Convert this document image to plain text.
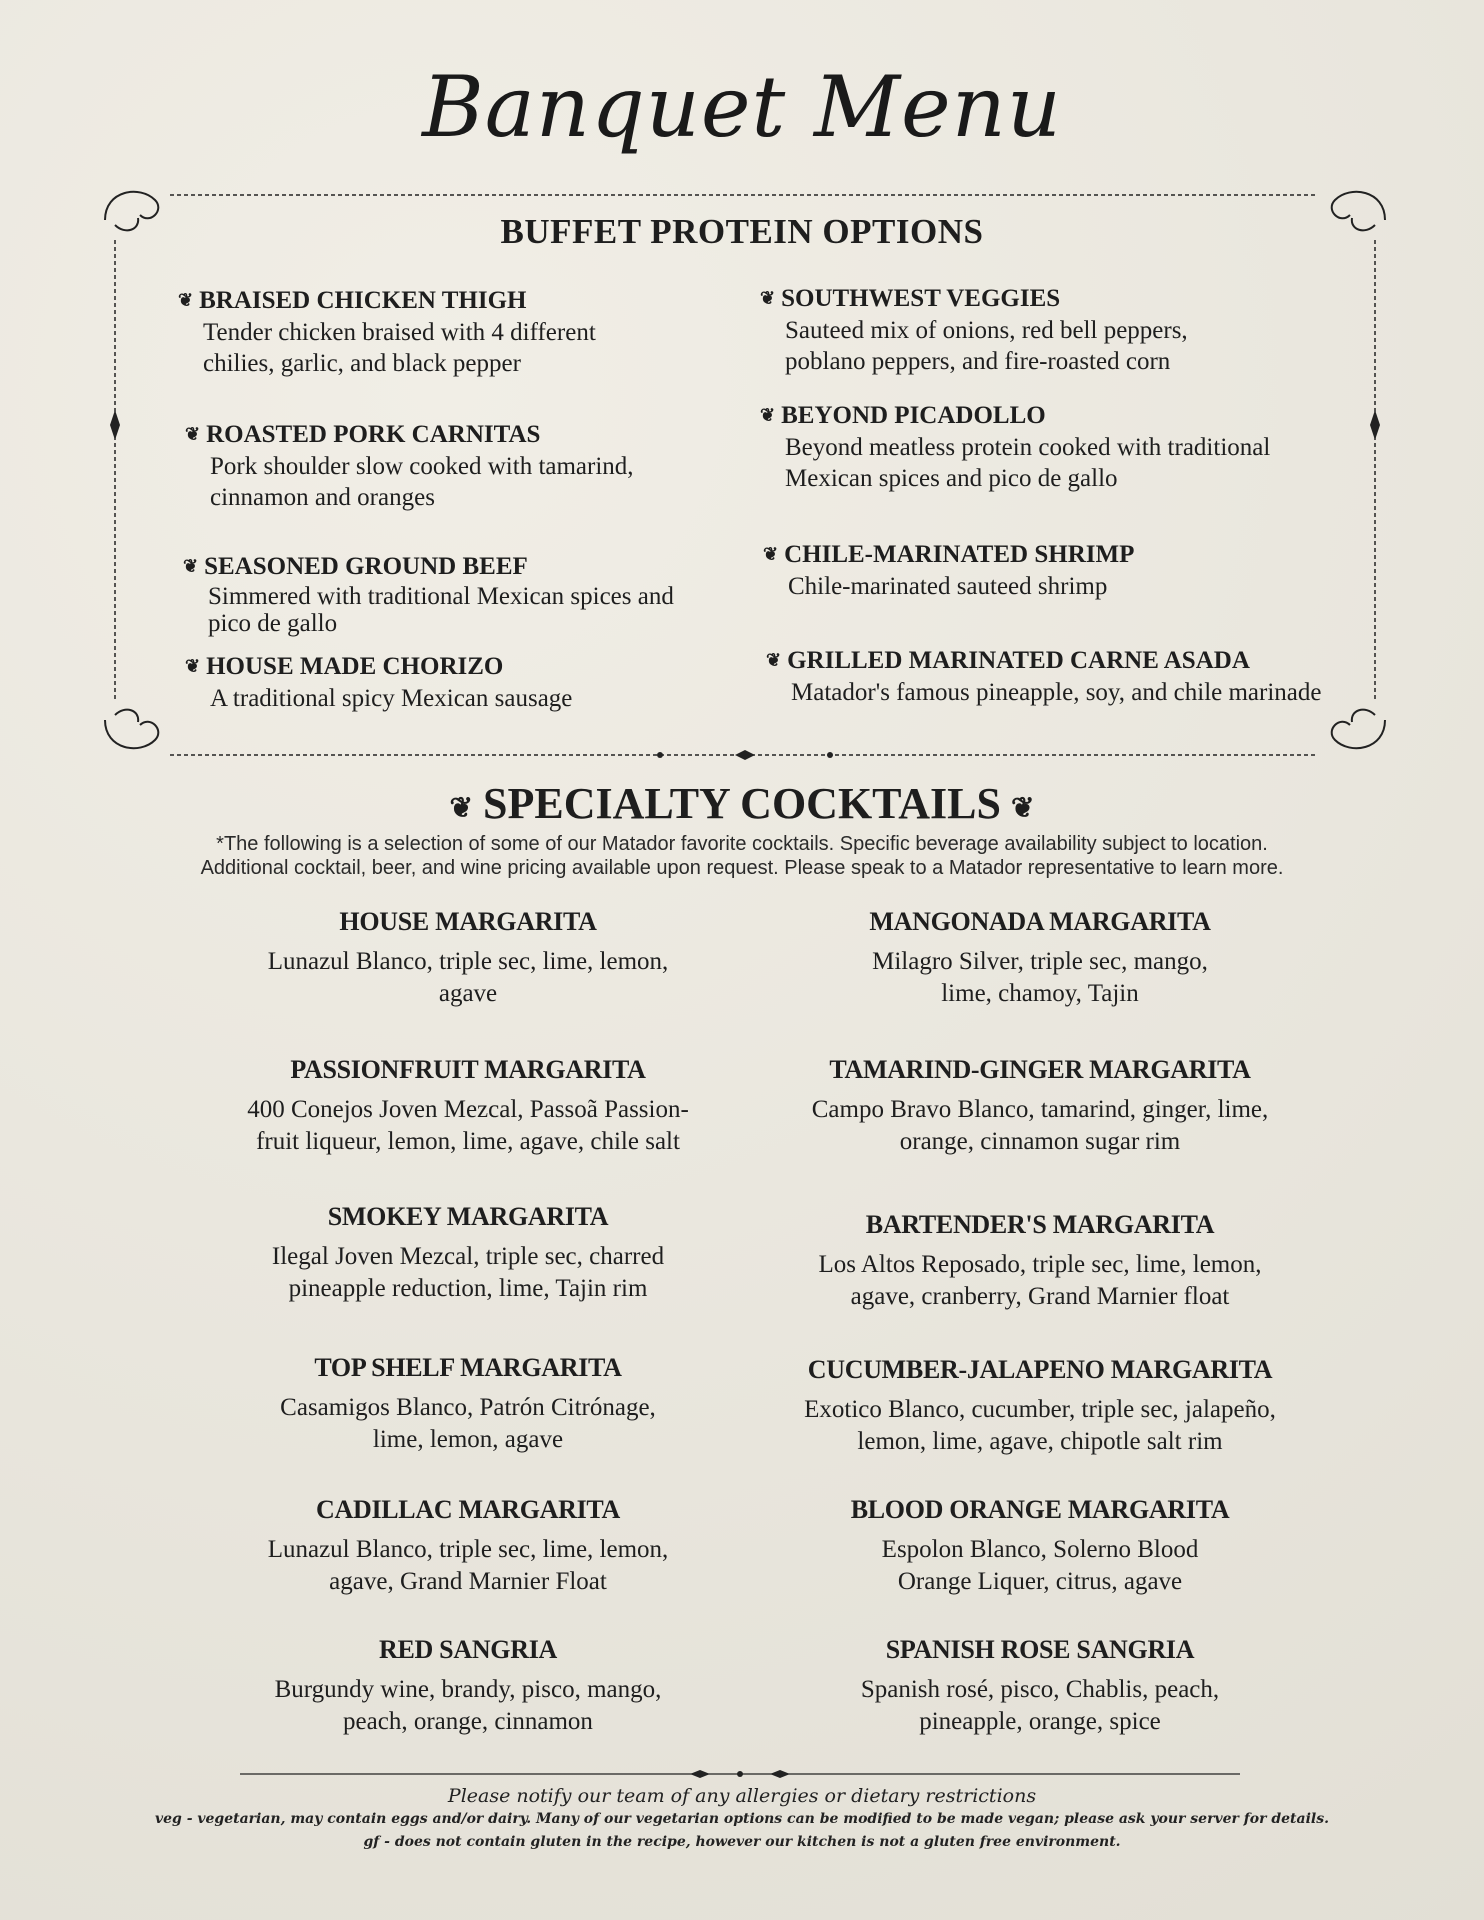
Banquet Menu
BUFFET PROTEIN OPTIONS
❦ BRAISED CHICKEN THIGH
Tender chicken braised with 4 different chilies, garlic, and black pepper
❦ ROASTED PORK CARNITAS
Pork shoulder slow cooked with tamarind, cinnamon and oranges
❦ SEASONED GROUND BEEF
Simmered with traditional Mexican spices and pico de gallo
❦ HOUSE MADE CHORIZO
A traditional spicy Mexican sausage
❦ SOUTHWEST VEGGIES
Sauteed mix of onions, red bell peppers, poblano peppers, and fire-roasted corn
❦ BEYOND PICADOLLO
Beyond meatless protein cooked with traditional Mexican spices and pico de gallo
❦ CHILE-MARINATED SHRIMP
Chile-marinated sauteed shrimp
❦ GRILLED MARINATED CARNE ASADA
Matador's famous pineapple, soy, and chile marinade
❦ SPECIALTY COCKTAILS ❦
*The following is a selection of some of our Matador favorite cocktails. Specific beverage availability subject to location.
Additional cocktail, beer, and wine pricing available upon request. Please speak to a Matador representative to learn more.
HOUSE MARGARITA
Lunazul Blanco, triple sec, lime, lemon, agave
PASSIONFRUIT MARGARITA
400 Conejos Joven Mezcal, Passoã Passion-fruit liqueur, lemon, lime, agave, chile salt
SMOKEY MARGARITA
Ilegal Joven Mezcal, triple sec, charred pineapple reduction, lime, Tajin rim
TOP SHELF MARGARITA
Casamigos Blanco, Patrón Citrónage, lime, lemon, agave
CADILLAC MARGARITA
Lunazul Blanco, triple sec, lime, lemon, agave, Grand Marnier Float
RED SANGRIA
Burgundy wine, brandy, pisco, mango, peach, orange, cinnamon
MANGONADA MARGARITA
Milagro Silver, triple sec, mango, lime, chamoy, Tajin
TAMARIND-GINGER MARGARITA
Campo Bravo Blanco, tamarind, ginger, lime, orange, cinnamon sugar rim
BARTENDER'S MARGARITA
Los Altos Reposado, triple sec, lime, lemon, agave, cranberry, Grand Marnier float
CUCUMBER-JALAPENO MARGARITA
Exotico Blanco, cucumber, triple sec, jalapeño, lemon, lime, agave, chipotle salt rim
BLOOD ORANGE MARGARITA
Espolon Blanco, Solerno Blood Orange Liquer, citrus, agave
SPANISH ROSE SANGRIA
Spanish rosé, pisco, Chablis, peach, pineapple, orange, spice
Please notify our team of any allergies or dietary restrictions
veg - vegetarian, may contain eggs and/or dairy. Many of our vegetarian options can be modified to be made vegan; please ask your server for details.
gf - does not contain gluten in the recipe, however our kitchen is not a gluten free environment.
